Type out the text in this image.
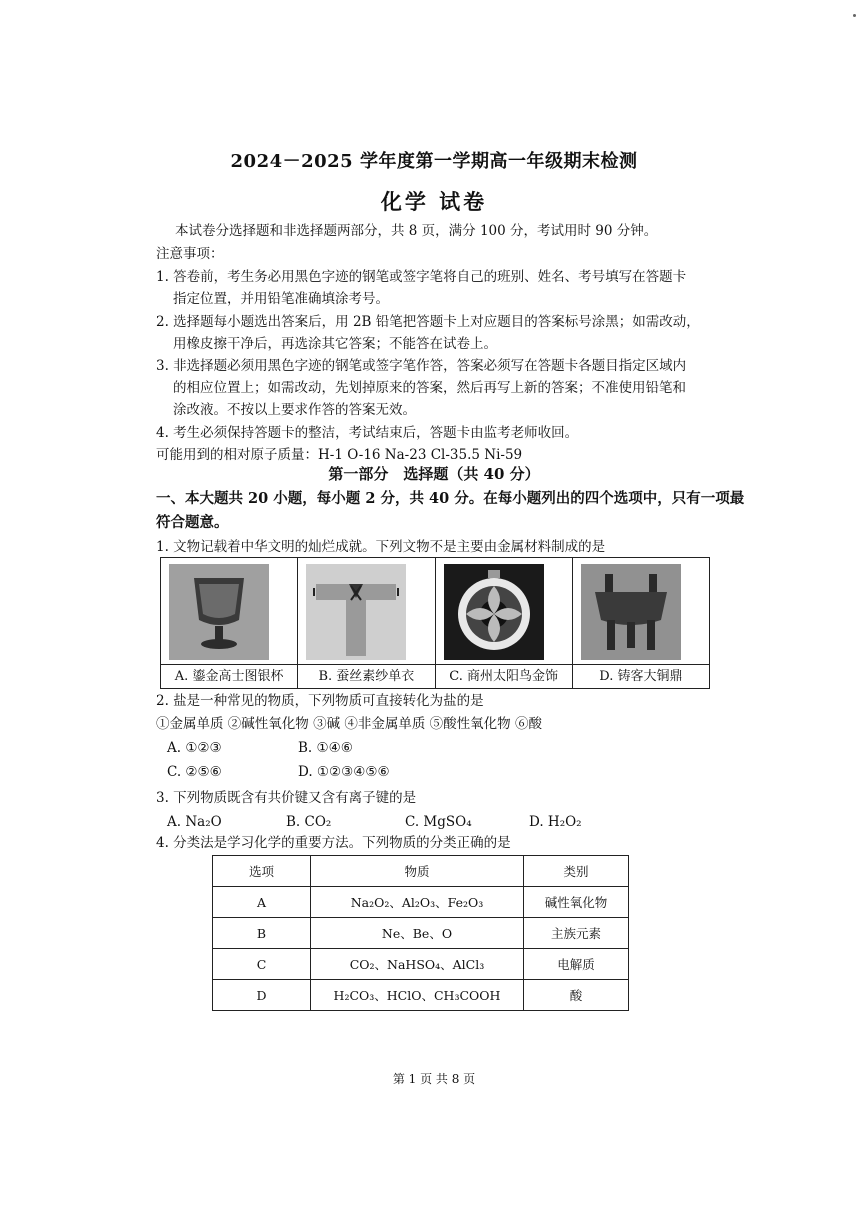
2024－2025 学年度第一学期高一年级期末检测
化学 试卷
本试卷分选择题和非选择题两部分，共 8 页，满分 100 分，考试用时 90 分钟。
注意事项：
1. 答卷前，考生务必用黑色字迹的钢笔或签字笔将自己的班别、姓名、考号填写在答题卡
指定位置，并用铅笔准确填涂考号。
2. 选择题每小题选出答案后，用 2B 铅笔把答题卡上对应题目的答案标号涂黑；如需改动，
用橡皮擦干净后，再选涂其它答案；不能答在试卷上。
3. 非选择题必须用黑色字迹的钢笔或签字笔作答，答案必须写在答题卡各题目指定区域内
的相应位置上；如需改动，先划掉原来的答案，然后再写上新的答案；不准使用铅笔和
涂改液。不按以上要求作答的答案无效。
4. 考生必须保持答题卡的整洁，考试结束后，答题卡由监考老师收回。
可能用到的相对原子质量：H-1 O-16 Na-23 Cl-35.5 Ni-59
第一部分　选择题（共 40 分）
一、本大题共 20 小题，每小题 2 分，共 40 分。在每小题列出的四个选项中，只有一项最
符合题意。
1. 文物记载着中华文明的灿烂成就。下列文物不是主要由金属材料制成的是
A. 鎏金高士图银杯	B. 蚕丝素纱单衣	C. 商州太阳鸟金饰	D. 铸客大铜鼎
2. 盐是一种常见的物质，下列物质可直接转化为盐的是
①金属单质 ②碱性氧化物 ③碱 ④非金属单质 ⑤酸性氧化物 ⑥酸
A. ①②③	B. ①④⑥
C. ②⑤⑥	D. ①②③④⑤⑥
3. 下列物质既含有共价键又含有离子键的是
A. Na₂O	B. CO₂	C. MgSO₄	D. H₂O₂
4. 分类法是学习化学的重要方法。下列物质的分类正确的是
选项	物质	类别
A	Na₂O₂、Al₂O₃、Fe₂O₃	碱性氧化物
B	Ne、Be、O	主族元素
C	CO₂、NaHSO₄、AlCl₃	电解质
D	H₂CO₃、HClO、CH₃COOH	酸
第 1 页 共 8 页
